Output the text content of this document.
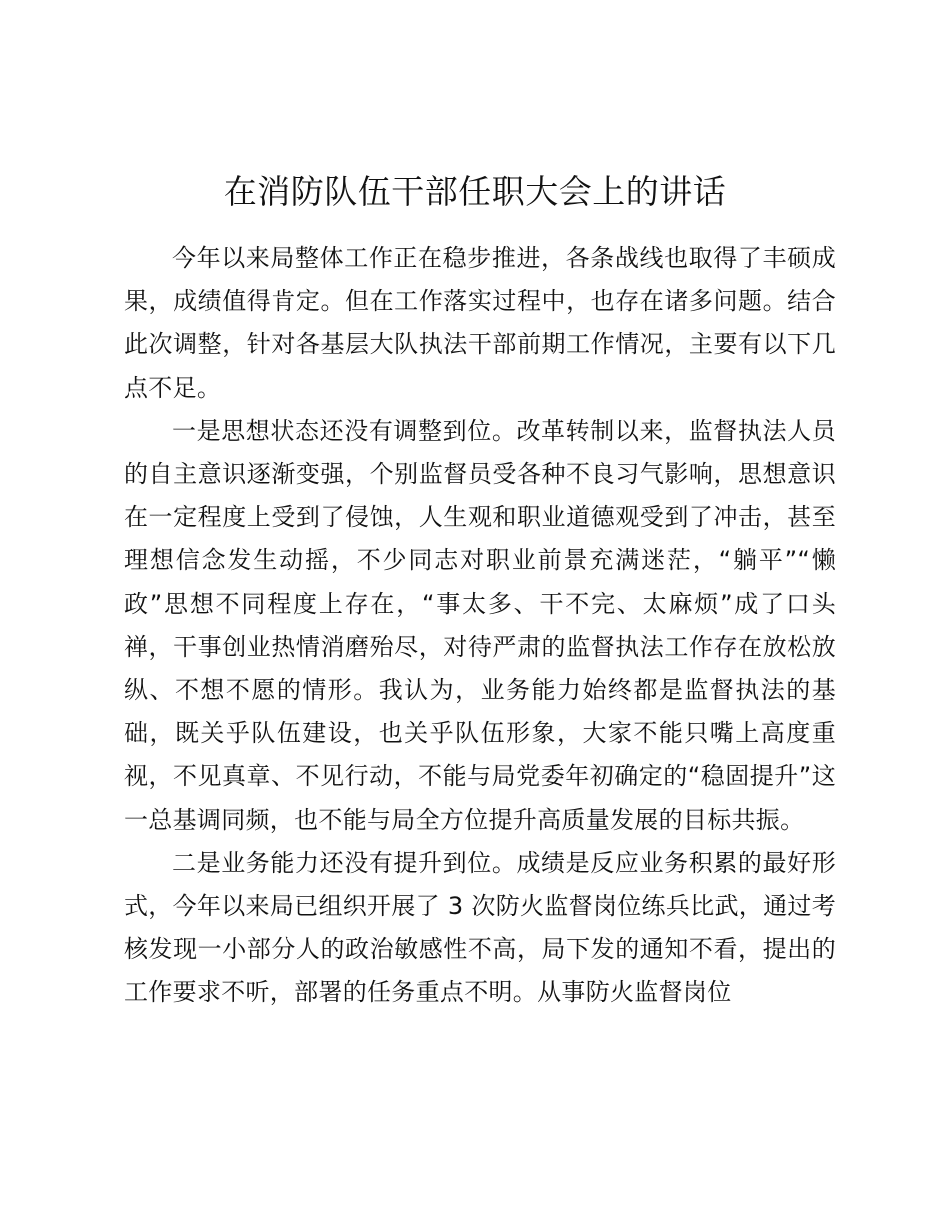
在消防队伍干部任职大会上的讲话

今年以来局整体工作正在稳步推进，各条战线也取得了丰硕成果，成绩值得肯定。但在工作落实过程中，也存在诸多问题。结合此次调整，针对各基层大队执法干部前期工作情况，主要有以下几点不足。

一是思想状态还没有调整到位。改革转制以来，监督执法人员的自主意识逐渐变强，个别监督员受各种不良习气影响，思想意识在一定程度上受到了侵蚀，人生观和职业道德观受到了冲击，甚至理想信念发生动摇，不少同志对职业前景充满迷茫，“躺平”“懒政”思想不同程度上存在，“事太多、干不完、太麻烦”成了口头禅，干事创业热情消磨殆尽，对待严肃的监督执法工作存在放松放纵、不想不愿的情形。我认为，业务能力始终都是监督执法的基础，既关乎队伍建设，也关乎队伍形象，大家不能只嘴上高度重视，不见真章、不见行动，不能与局党委年初确定的“稳固提升”这一总基调同频，也不能与局全方位提升高质量发展的目标共振。

二是业务能力还没有提升到位。成绩是反应业务积累的最好形式，今年以来局已组织开展了 3 次防火监督岗位练兵比武，通过考核发现一小部分人的政治敏感性不高，局下发的通知不看，提出的工作要求不听，部署的任务重点不明。从事防火监督岗位
